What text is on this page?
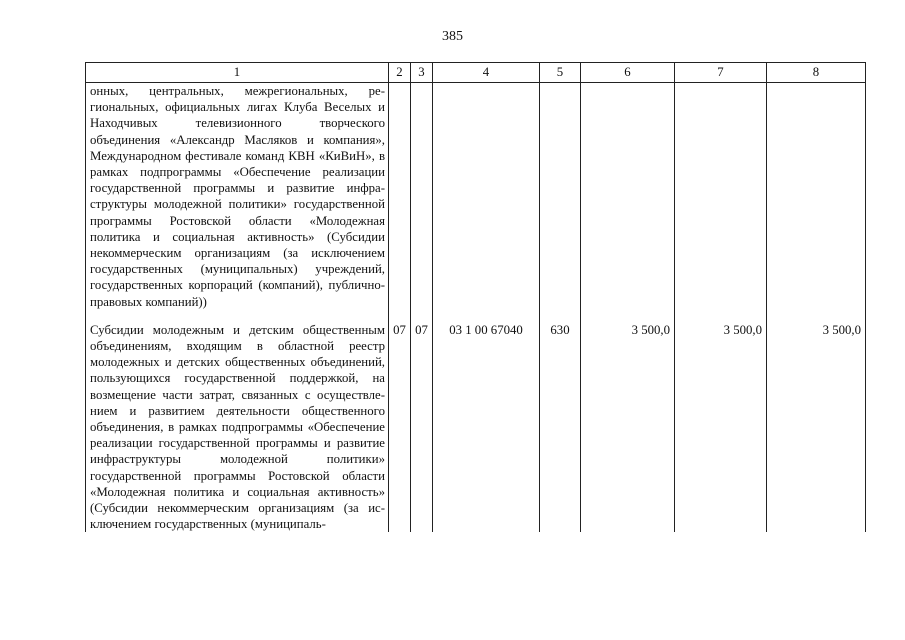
385
1	2	3	4	5	6	7	8
онных, центральных, межрегиональных, региональных, официальных лигах Клуба Веселых и Находчивых телевизионного творческого объединения «Александр Масляков и компания», Международном фестивале команд КВН «КиВиН», в рамках подпрограммы «Обеспечение реализации государственной программы и развитие инфраструктуры молодежной политики» государственной программы Ростовской области «Молодежная политика и социальная активность» (Субсидии некоммерческим организациям (за исключением государственных (муниципальных) учреждений, государственных корпораций (компаний), публично-правовых компаний))							
Субсидии молодежным и детским общественным объединениям, входящим в областной реестр молодежных и детских общественных объединений, пользующихся государственной поддержкой, на возмещение части затрат, связанных с осуществлением и развитием деятельности общественного объединения, в рамках подпрограммы «Обеспечение реализации государственной программы и развитие инфраструктуры молодежной политики» государственной программы Ростовской области «Молодежная политика и социальная активность» (Субсидии некоммерческим организациям (за исключением государственных (муниципаль-	07	07	03 1 00 67040	630	3 500,0	3 500,0	3 500,0
